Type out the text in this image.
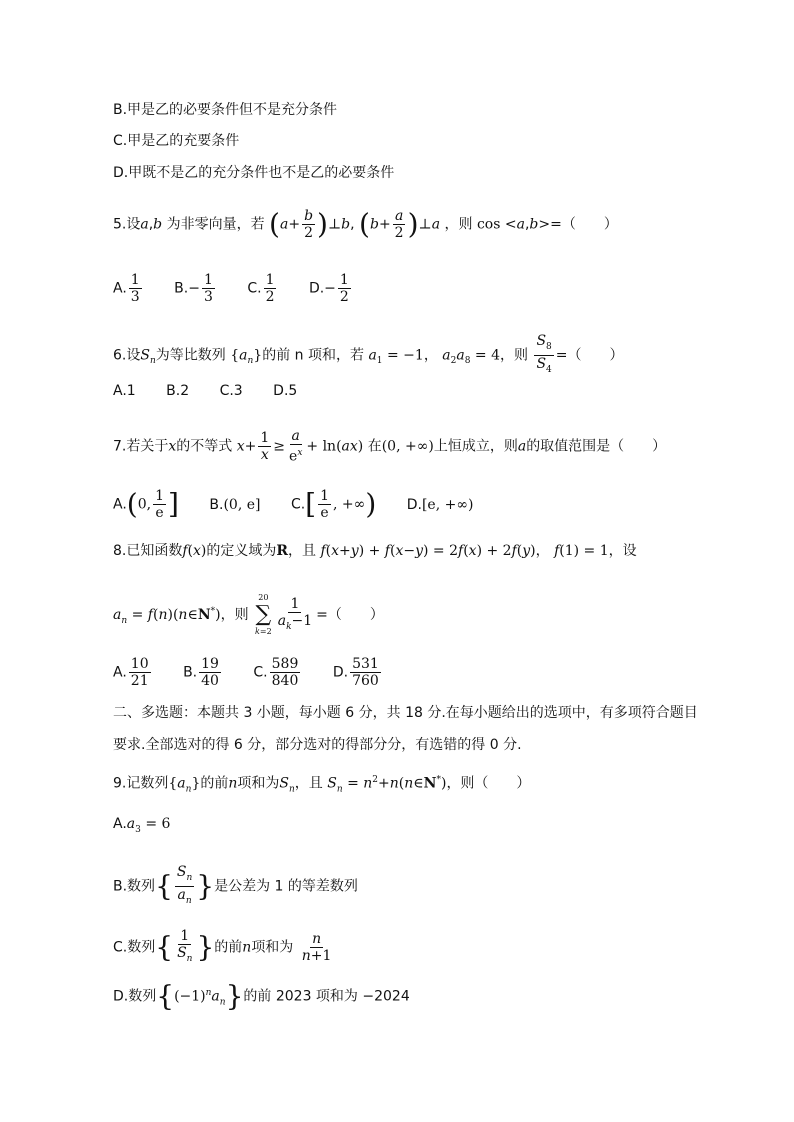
B.甲是乙的必要条件但不是充分条件
C.甲是乙的充要条件
D.甲既不是乙的充分条件也不是乙的必要条件
5.设a,b 为非零向量，若 ($a+ \frac{b}{2}$ )⊥b, ($b+ \frac{a}{2}$ )⊥a ，则 cos <a,b>=（　　）
A. $\frac{1}{3} B.- \frac{1}{3} C$. $\frac{1}{2} D.- \frac{1}{2}$
6.设$S_n$为等比数列 $\{a_n\}$的前 n 项和，若 $a_1 = -1$， $a_2a_8 = 4$，则 $\frac{S_8}{S_4}$ =（　　）
A.1 B.2 C.3 D.5
7.若关于x的不等式 $x+ \frac{1}{x} \ge \frac{a}{e^x} + \ln(ax)$ 在(0, +∞)上恒成立，则a的取值范围是（　　）
A.(0, $\frac{1}{e}$ ] B.(0, e] $C.[ \frac{1}{e}$ , +∞) D.[e, +∞)
8.已知函数f(x)的定义域为R，且 f(x+y) + f(x−y) = 2f(x) + 2f(y)， f(1) = 1，设
$a_n$ = f(n)(n∈N*)，则
20
∑
$k=2 \frac{1}{a_k-1}$ =（　　）
A. $\frac{10}{21} B$. $\frac{19}{40} C$. $\frac{589}{840} D$. $\frac{531}{760}$
二、多选题：本题共 3 小题，每小题 6 分，共 18 分.在每小题给出的选项中，有多项符合题目
要求.全部选对的得 6 分，部分选对的得部分分，有选错的得 0 分.
9.记数列$\{a_n\}$的前n项和为$S_n$，且 $S_n$ = $n^2+n(n\in N^*)$，则（　　）
$A.a_3 = 6$
B.数列{ $\frac{S_n}{a_n}$ }是公差为 1 的等差数列
C.数列{ $\frac{1}{S_n}$ }的前n项和为 $\frac{n}{n+1}$
D.数列$\{(-1)^na_n\}$的前 2023 项和为 −2024
